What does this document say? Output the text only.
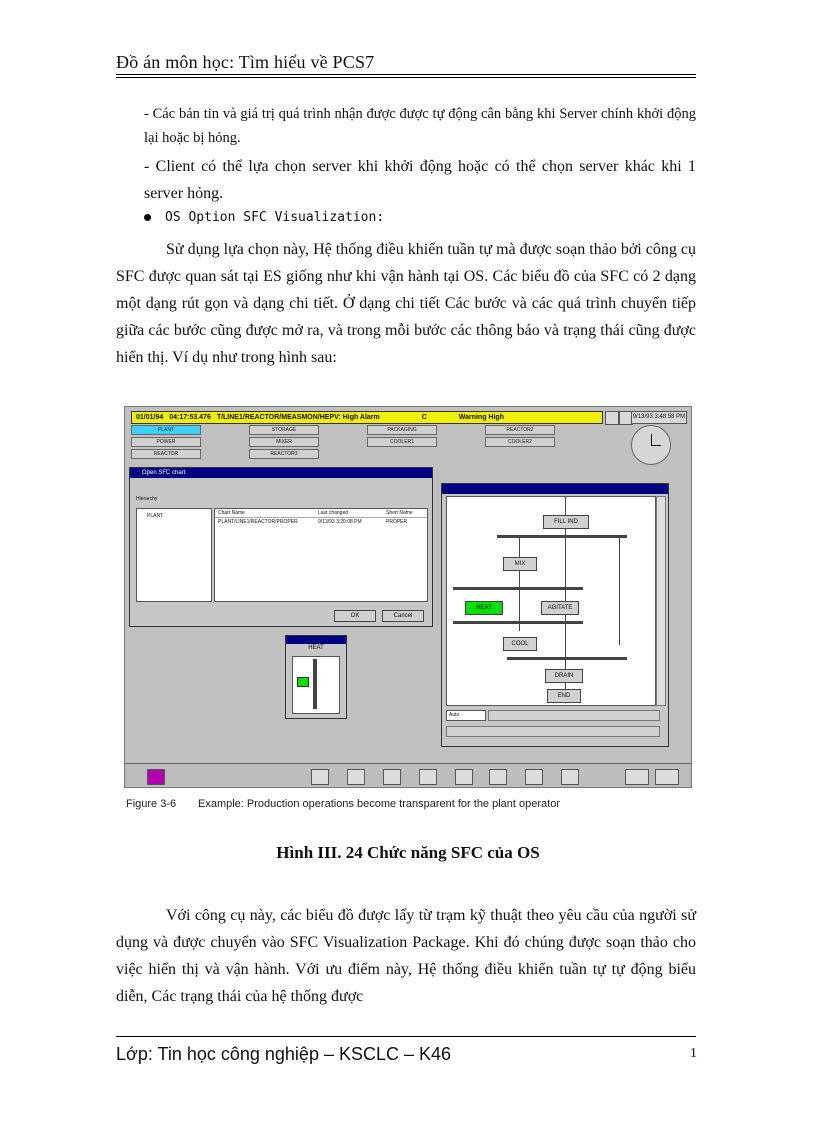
Đồ án môn học: Tìm hiểu về PCS7
- Các bản tin và giá trị quá trình nhận được được tự động cân bằng khi Server chính khởi động lại hoặc bị hỏng.
- Client có thể lựa chọn server khi khởi động hoặc có thể chọn server khác khi 1 server hỏng.
OS Option SFC Visualization:
Sử dụng lựa chọn này, Hệ thống điều khiển tuần tự mà được soạn thảo bởi công cụ SFC được quan sát tại ES giống như khi vận hành tại OS. Các biểu đồ của SFC có 2 dạng một dạng rút gọn và dạng chi tiết. Ở dạng chi tiết Các bước và các quá trình chuyển tiếp giữa các bước cũng được mở ra, và trong mỗi bước các thông báo và trạng thái cũng được hiển thị. Ví dụ như trong hình sau:
01/01/94 04:17:53.476 T/LINE1/REACTOR/MEASMON/HEPV: High Alarm	C	Warning High	9/13/93 3:48:58 PM
PLANT	STORAGE	PACKAGING	REACTOR2
POWER	MIXER	COOLER1	COOLER2
REACTOR	REACTOR3
Open SFC chart
Hierarchy
PLANT	Chart Name	Last changed	Short Name
PLANT/LINE1/REACTOR/PROPER	9/13/93 3:20:08 PM	PROPER
OK	Cancel
FILL IND
MIX
HEAT	AGITATE
COOL
DRAIN
END
Auto
HEAT
Figure 3-6 Example: Production operations become transparent for the plant operator
Hình III. 24 Chức năng SFC của OS
Với công cụ này, các biểu đồ được lấy từ trạm kỹ thuật theo yêu cầu của người sử dụng và được chuyển vào SFC Visualization Package. Khi đó chúng được soạn thảo cho việc hiển thị và vận hành. Với ưu điểm này, Hệ thống điều khiển tuần tự tự động biểu diễn, Các trạng thái của hệ thống được
Lớp: Tin học công nghiệp – KSCLC – K46	1
